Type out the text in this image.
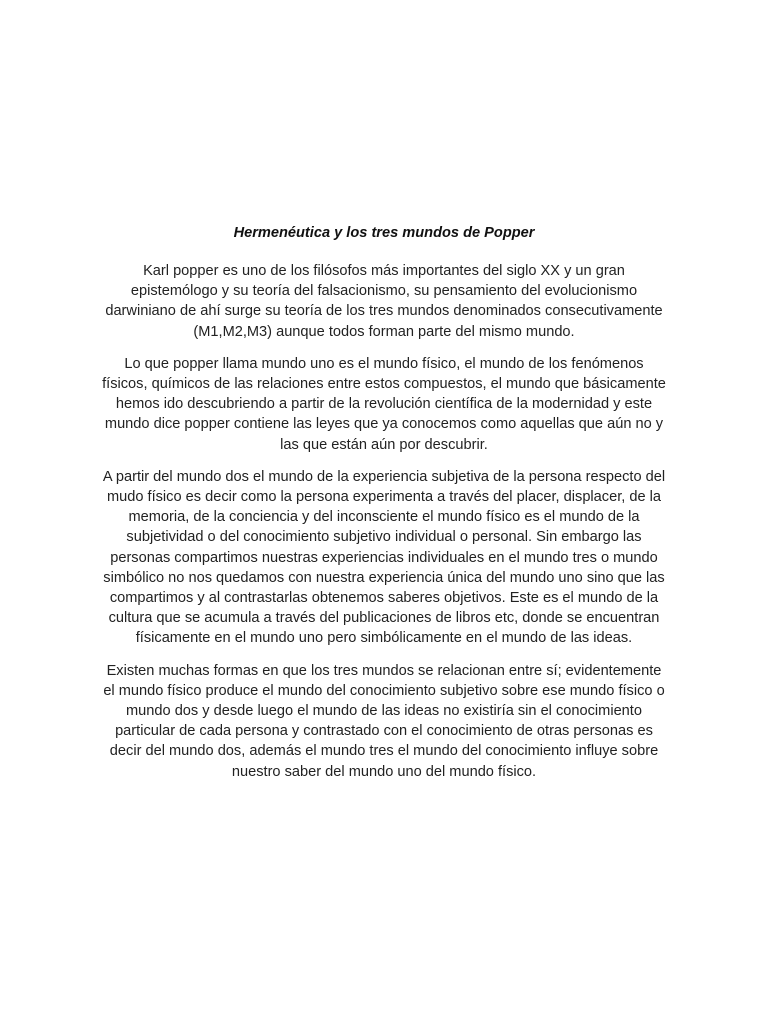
Hermenéutica y los tres mundos de Popper

Karl popper es uno de los filósofos más importantes del siglo XX y un gran epistemólogo y su teoría del falsacionismo, su pensamiento del evolucionismo darwiniano de ahí surge su teoría de los tres mundos denominados consecutivamente (M1,M2,M3) aunque todos forman parte del mismo mundo.

Lo que popper llama mundo uno es el mundo físico, el mundo de los fenómenos físicos, químicos de las relaciones entre estos compuestos, el mundo que básicamente hemos ido descubriendo a partir de la revolución científica de la modernidad y este mundo dice popper contiene las leyes que ya conocemos como aquellas que aún no y las que están aún por descubrir.

A partir del mundo dos el mundo de la experiencia subjetiva de la persona respecto del mudo físico es decir como la persona experimenta a través del placer, displacer, de la memoria, de la conciencia y del inconsciente el mundo físico es el mundo de la subjetividad o del conocimiento subjetivo individual o personal. Sin embargo las personas compartimos nuestras experiencias individuales en el mundo tres o mundo simbólico no nos quedamos con nuestra experiencia única del mundo uno sino que las compartimos y al contrastarlas obtenemos saberes objetivos. Este es el mundo de la cultura que se acumula a través del publicaciones de libros etc, donde se encuentran físicamente en el mundo uno pero simbólicamente en el mundo de las ideas.

Existen muchas formas en que los tres mundos se relacionan entre sí; evidentemente el mundo físico produce el mundo del conocimiento subjetivo sobre ese mundo físico o mundo dos y desde luego el mundo de las ideas no existiría sin el conocimiento particular de cada persona y contrastado con el conocimiento de otras personas es decir del mundo dos, además el mundo tres el mundo del conocimiento influye sobre nuestro saber del mundo uno del mundo físico.
